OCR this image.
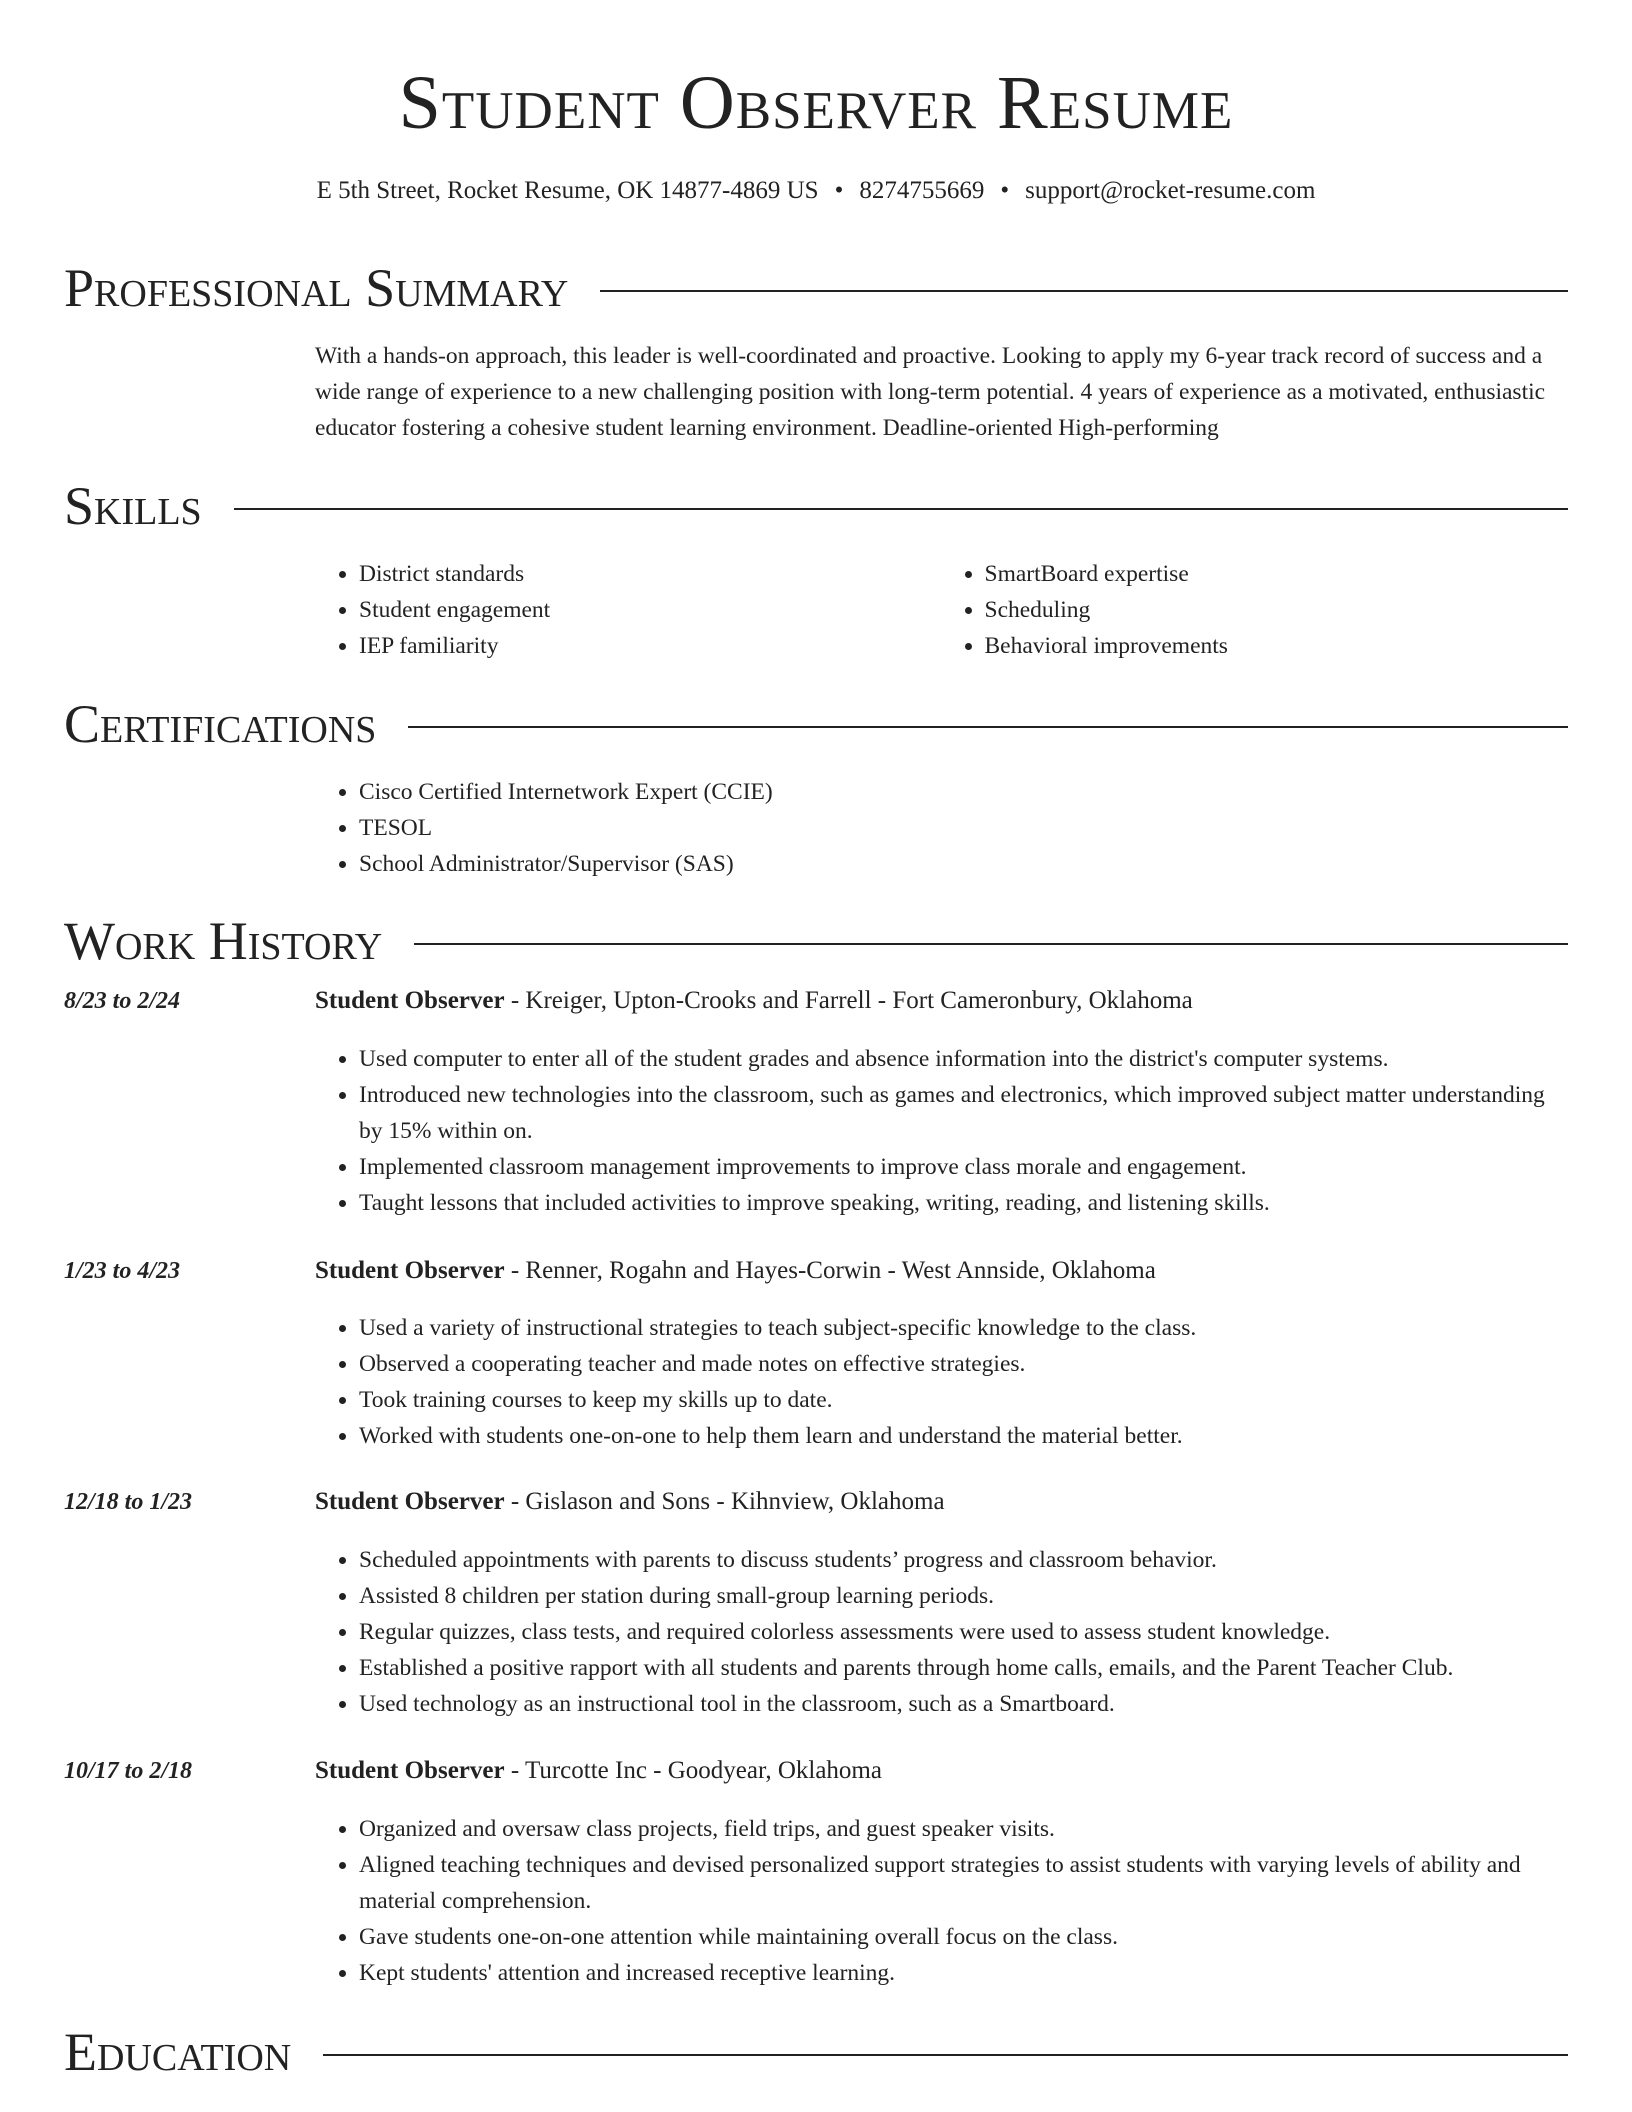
Student Observer Resume
E 5th Street, Rocket Resume, OK 14877-4869 US • 8274755669 • support@rocket-resume.com
Professional Summary
With a hands-on approach, this leader is well-coordinated and proactive. Looking to apply my 6-year track record of success and a wide range of experience to a new challenging position with long-term potential. 4 years of experience as a motivated, enthusiastic educator fostering a cohesive student learning environment. Deadline-oriented High-performing
Skills
• District standards
• Student engagement
• IEP familiarity
• SmartBoard expertise
• Scheduling
• Behavioral improvements
Certifications
• Cisco Certified Internetwork Expert (CCIE)
• TESOL
• School Administrator/Supervisor (SAS)
Work History
8/23 to 2/24	Student Observer - Kreiger, Upton-Crooks and Farrell - Fort Cameronbury, Oklahoma
• Used computer to enter all of the student grades and absence information into the district's computer systems.
• Introduced new technologies into the classroom, such as games and electronics, which improved subject matter understanding by 15% within on.
• Implemented classroom management improvements to improve class morale and engagement.
• Taught lessons that included activities to improve speaking, writing, reading, and listening skills.
1/23 to 4/23	Student Observer - Renner, Rogahn and Hayes-Corwin - West Annside, Oklahoma
• Used a variety of instructional strategies to teach subject-specific knowledge to the class.
• Observed a cooperating teacher and made notes on effective strategies.
• Took training courses to keep my skills up to date.
• Worked with students one-on-one to help them learn and understand the material better.
12/18 to 1/23	Student Observer - Gislason and Sons - Kihnview, Oklahoma
• Scheduled appointments with parents to discuss students’ progress and classroom behavior.
• Assisted 8 children per station during small-group learning periods.
• Regular quizzes, class tests, and required colorless assessments were used to assess student knowledge.
• Established a positive rapport with all students and parents through home calls, emails, and the Parent Teacher Club.
• Used technology as an instructional tool in the classroom, such as a Smartboard.
10/17 to 2/18	Student Observer - Turcotte Inc - Goodyear, Oklahoma
• Organized and oversaw class projects, field trips, and guest speaker visits.
• Aligned teaching techniques and devised personalized support strategies to assist students with varying levels of ability and material comprehension.
• Gave students one-on-one attention while maintaining overall focus on the class.
• Kept students' attention and increased receptive learning.
Education
